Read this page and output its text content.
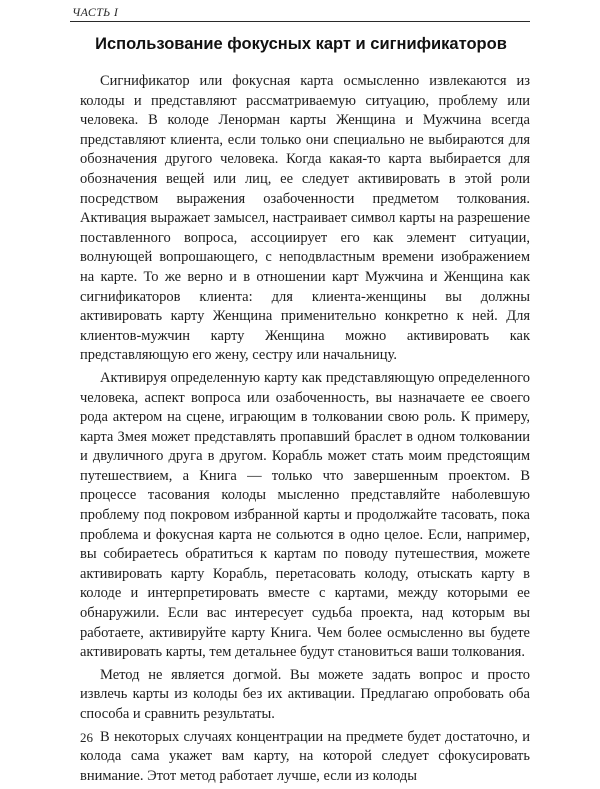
ЧАСТЬ I
Использование фокусных карт и сигнификаторов

Сигнификатор или фокусная карта осмысленно извлекаются из колоды и представляют рассматриваемую ситуацию, проблему или человека. В колоде Ленорман карты Женщина и Мужчина всегда представляют клиента, если только они специально не выбираются для обозначения другого человека. Когда какая-то карта выбирается для обозначения вещей или лиц, ее следует активировать в этой роли посредством выражения озабоченности предметом толкования. Активация выражает замысел, настраивает символ карты на разрешение поставленного вопроса, ассоциирует его как элемент ситуации, волнующей вопрошающего, с неподвластным времени изображением на карте. То же верно и в отношении карт Мужчина и Женщина как сигнификаторов клиента: для клиента-женщины вы должны активировать карту Женщина применительно конкретно к ней. Для клиентов-мужчин карту Женщина можно активировать как представляющую его жену, сестру или начальницу.

Активируя определенную карту как представляющую определенного человека, аспект вопроса или озабоченность, вы назначаете ее своего рода актером на сцене, играющим в толковании свою роль. К примеру, карта Змея может представлять пропавший браслет в одном толковании и двуличного друга в другом. Корабль может стать моим предстоящим путешествием, а Книга — только что завершенным проектом. В процессе тасования колоды мысленно представляйте наболевшую проблему под покровом избранной карты и продолжайте тасовать, пока проблема и фокусная карта не сольются в одно целое. Если, например, вы собираетесь обратиться к картам по поводу путешествия, можете активировать карту Корабль, перетасовать колоду, отыскать карту в колоде и интерпретировать вместе с картами, между которыми ее обнаружили. Если вас интересует судьба проекта, над которым вы работаете, активируйте карту Книга. Чем более осмысленно вы будете активировать карты, тем детальнее будут становиться ваши толкования.

Метод не является догмой. Вы можете задать вопрос и просто извлечь карты из колоды без их активации. Предлагаю опробовать оба способа и сравнить результаты.

В некоторых случаях концентрации на предмете будет достаточно, и колода сама укажет вам карту, на которой следует сфокусировать внимание. Этот метод работает лучше, если из колоды

26
